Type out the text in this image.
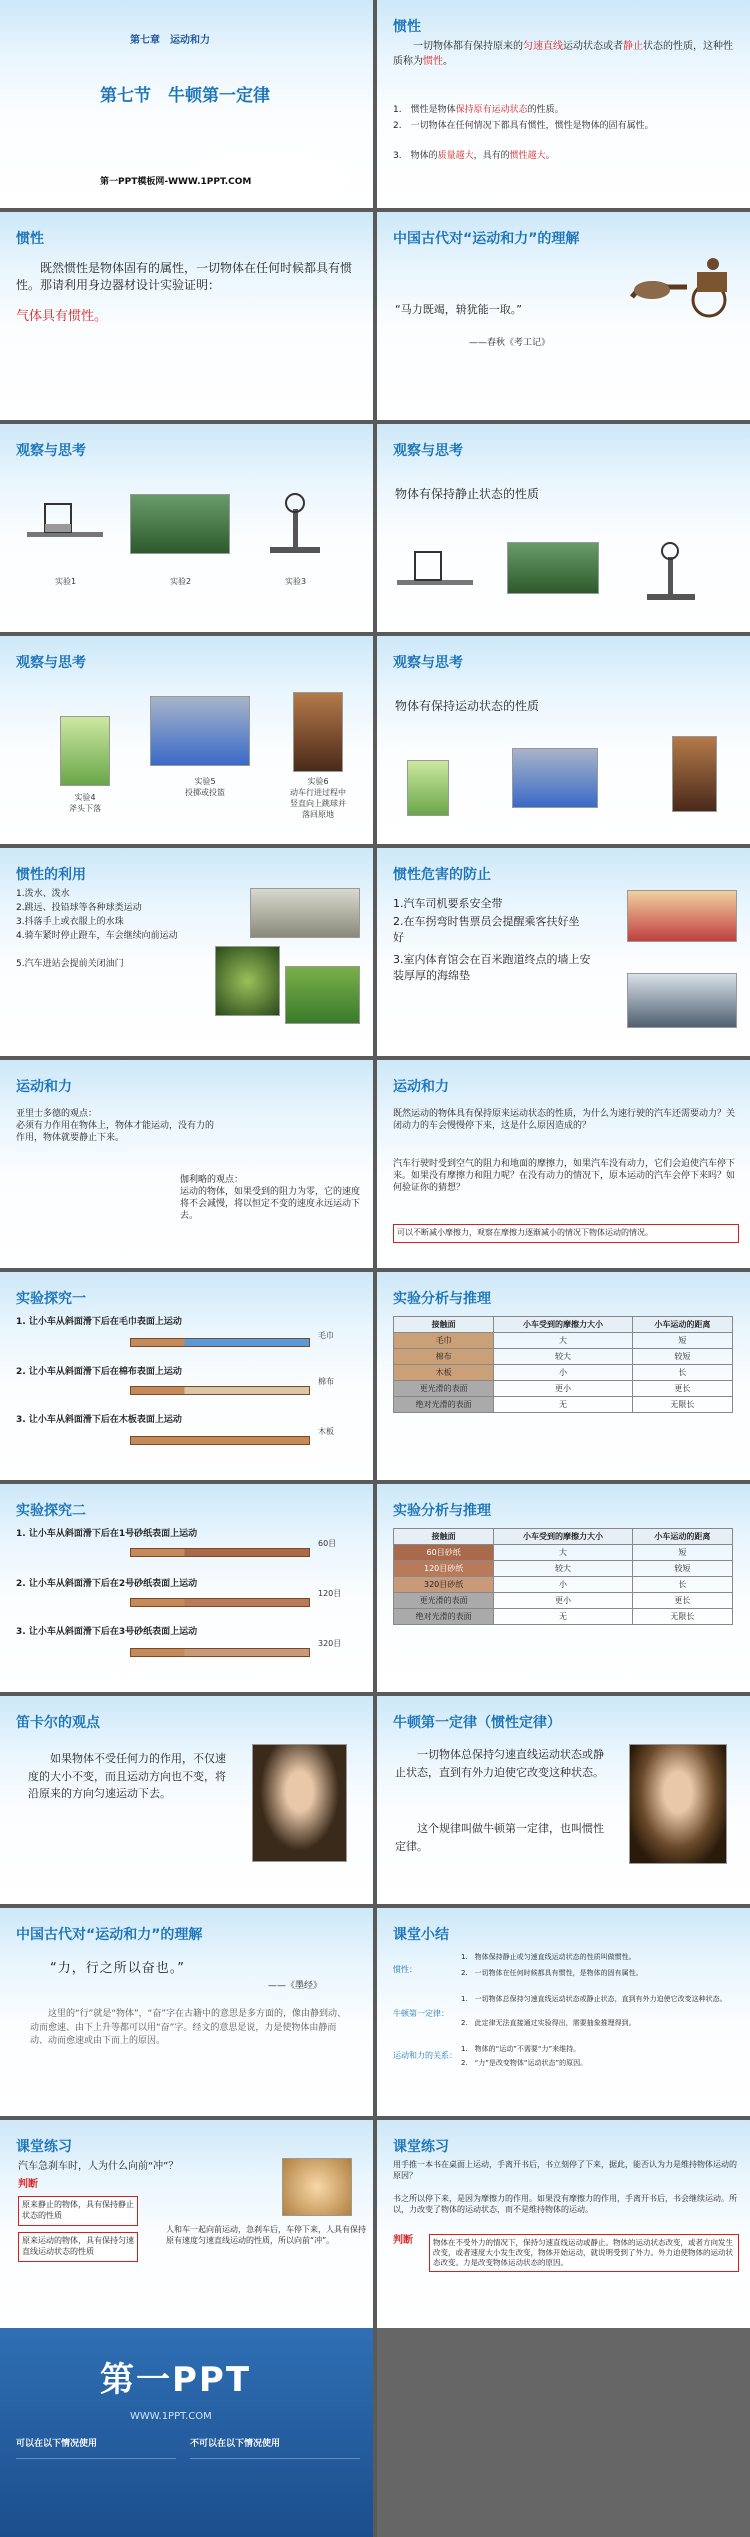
第七章　运动和力
第七节　牛顿第一定律
第一PPT模板网-WWW.1PPT.COM
惯性
一切物体都有保持原来的匀速直线运动状态或者静止状态的性质，这种性质称为惯性。
1.　惯性是物体保持原有运动状态的性质。
2.　一切物体在任何情况下都具有惯性，惯性是物体的固有属性。
3.　物体的质量越大，具有的惯性越大。
惯性
既然惯性是物体固有的属性，一切物体在任何时候都具有惯性。那请利用身边器材设计实验证明：
气体具有惯性。
中国古代对“运动和力”的理解
“马力既竭，辀犹能一取。”
——春秋《考工记》
观察与思考
实验1	实验2	实验3
观察与思考
物体有保持静止状态的性质
观察与思考
实验4
斧头下落
实验5
投掷或投篮
实验6
动车行进过程中竖直向上跳球并落回原地
观察与思考
物体有保持运动状态的性质
惯性的利用
1.泼水、泼水
2.跳远、投铅球等各种球类运动
3.抖落手上或衣服上的水珠
4.骑车紧时停止蹬车，车会继续向前运动
5.汽车进站会提前关闭油门
惯性危害的防止
1.汽车司机要系安全带
2.在车拐弯时售票员会提醒乘客扶好坐好
3.室内体育馆会在百米跑道终点的墙上安装厚厚的海绵垫
运动和力
亚里士多德的观点：
必须有力作用在物体上，物体才能运动，没有力的作用，物体就要静止下来。
伽利略的观点：
运动的物体，如果受到的阻力为零，它的速度将不会减慢，将以恒定不变的速度永远运动下去。
运动和力
既然运动的物体具有保持原来运动状态的性质，为什么为速行驶的汽车还需要动力？关闭动力的车会慢慢停下来，这是什么原因造成的？
汽车行驶时受到空气的阻力和地面的摩擦力，如果汽车没有动力，它们会迫使汽车停下来。如果没有摩擦力和阻力呢？在没有动力的情况下，原本运动的汽车会停下来吗？如何验证你的猜想？
可以不断减小摩擦力，观察在摩擦力逐渐减小的情况下物体运动的情况。
实验探究一
1. 让小车从斜面滑下后在毛巾表面上运动
毛巾
2. 让小车从斜面滑下后在棉布表面上运动
棉布
3. 让小车从斜面滑下后在木板表面上运动
木板
实验分析与推理
接触面	小车受到的摩擦力大小	小车运动的距离
毛巾	大	短
棉布	较大	较短
木板	小	长
更光滑的表面	更小	更长
绝对光滑的表面	无	无限长
实验探究二
1. 让小车从斜面滑下后在1号砂纸表面上运动
60目
2. 让小车从斜面滑下后在2号砂纸表面上运动
120目
3. 让小车从斜面滑下后在3号砂纸表面上运动
320目
实验分析与推理
接触面	小车受到的摩擦力大小	小车运动的距离
60目砂纸	大	短
120目砂纸	较大	较短
320目砂纸	小	长
更光滑的表面	更小	更长
绝对光滑的表面	无	无限长
笛卡尔的观点
如果物体不受任何力的作用，不仅速度的大小不变，而且运动方向也不变，将沿原来的方向匀速运动下去。
牛顿第一定律（惯性定律）
一切物体总保持匀速直线运动状态或静止状态，直到有外力迫使它改变这种状态。
这个规律叫做牛顿第一定律，也叫惯性定律。
中国古代对“运动和力”的理解
“力，行之所以奋也。”
——《墨经》
这里的“行”就是“物体”，“奋”字在古籍中的意思是多方面的，像由静到动、动而愈速、由下上升等都可以用“奋”字。经文的意思是说，力是使物体由静而动、动而愈速或由下而上的原因。
课堂小结
惯性：
1.　物体保持静止或匀速直线运动状态的性质叫做惯性。
2.　一切物体在任何时候都具有惯性，是物体的固有属性。
牛顿第一定律：
1.　一切物体总保持匀速直线运动状态或静止状态，直到有外力迫使它改变这种状态。
2.　此定律无法直接通过实验得出，需要抽象推理得到。
运动和力的关系：
1.　物体的“运动”不需要“力”来维持。
2.　“力”是改变物体“运动状态”的原因。
课堂练习
汽车急刹车时，人为什么向前“冲”？
判断
原来静止的物体，具有保持静止状态的性质
原来运动的物体，具有保持匀速直线运动状态的性质
人和车一起向前运动，急刹车后，车停下来，人具有保持原有速度匀速直线运动的性质，所以向前“冲”。
课堂练习
用手推一本书在桌面上运动，手离开书后，书立刻停了下来，据此，能否认为力是维持物体运动的原因？
书之所以停下来，是因为摩擦力的作用。如果没有摩擦力的作用，手离开书后，书会继续运动。所以，力改变了物体的运动状态，而不是维持物体的运动。
判断	物体在不受外力的情况下，保持匀速直线运动或静止。物体的运动状态改变，或者方向发生改变，或者速度大小发生改变，物体开始运动，就说明受到了外力。外力迫使物体的运动状态改变。力是改变物体运动状态的原因。
第一PPT
WWW.1PPT.COM
可以在以下情况使用	不可以在以下情况使用
